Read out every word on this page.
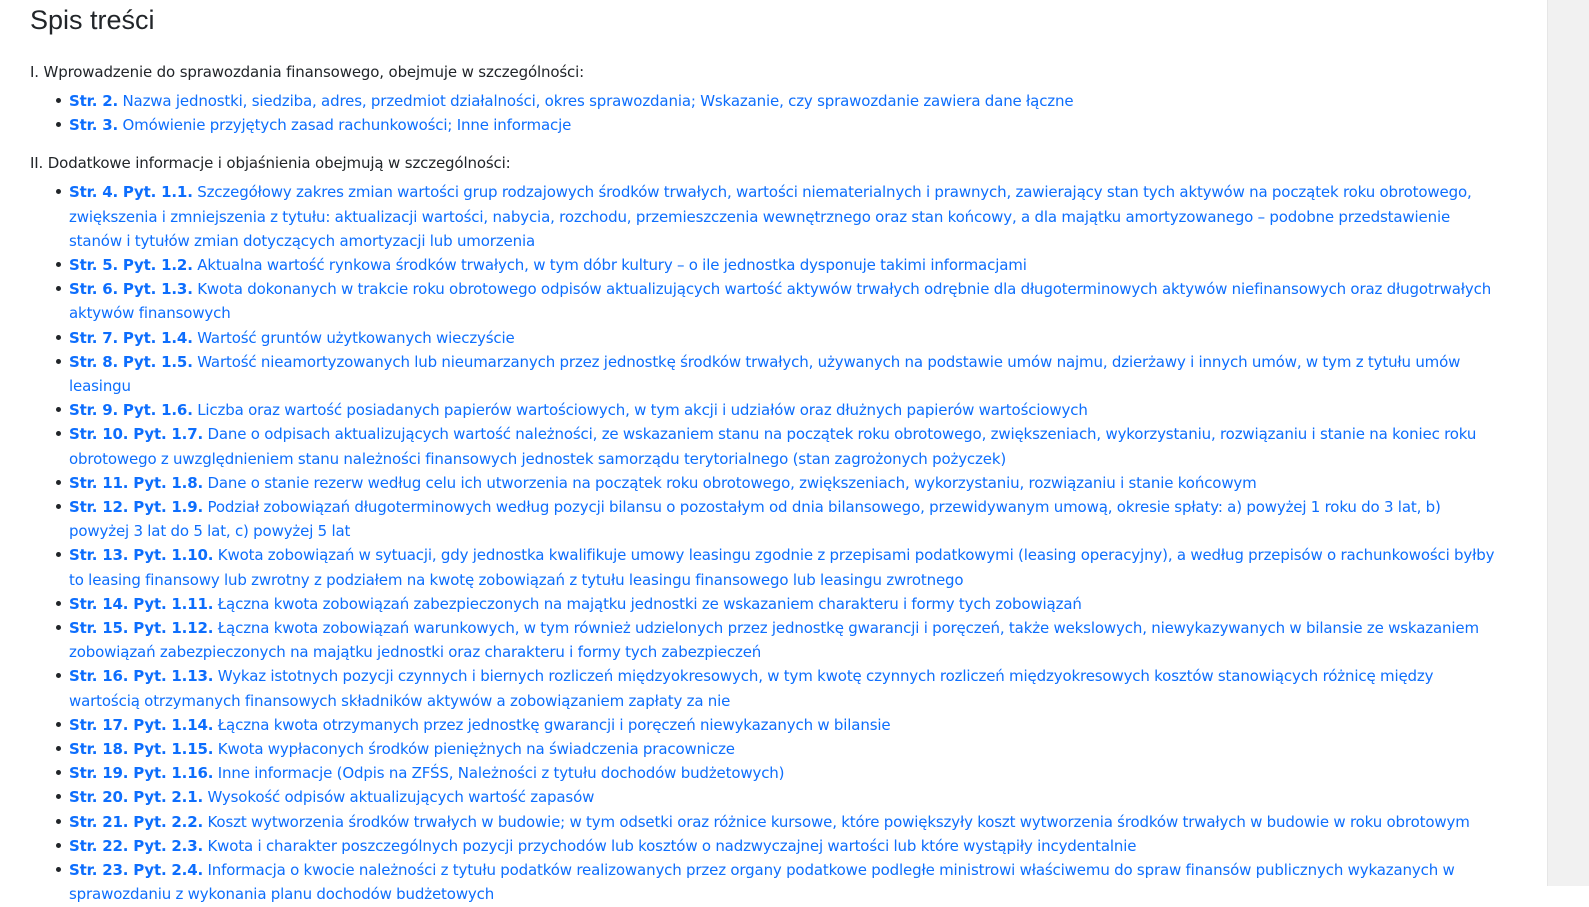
Spis treści
I. Wprowadzenie do sprawozdania finansowego, obejmuje w szczególności:
Str. 2. Nazwa jednostki, siedziba, adres, przedmiot działalności, okres sprawozdania; Wskazanie, czy sprawozdanie zawiera dane łączne
Str. 3. Omówienie przyjętych zasad rachunkowości; Inne informacje
II. Dodatkowe informacje i objaśnienia obejmują w szczególności:
Str. 4. Pyt. 1.1. Szczegółowy zakres zmian wartości grup rodzajowych środków trwałych, wartości niematerialnych i prawnych, zawierający stan tych aktywów na początek roku obrotowego, zwiększenia i zmniejszenia z tytułu: aktualizacji wartości, nabycia, rozchodu, przemieszczenia wewnętrznego oraz stan końcowy, a dla majątku amortyzowanego – podobne przedstawienie stanów i tytułów zmian dotyczących amortyzacji lub umorzenia
Str. 5. Pyt. 1.2. Aktualna wartość rynkowa środków trwałych, w tym dóbr kultury – o ile jednostka dysponuje takimi informacjami
Str. 6. Pyt. 1.3. Kwota dokonanych w trakcie roku obrotowego odpisów aktualizujących wartość aktywów trwałych odrębnie dla długoterminowych aktywów niefinansowych oraz długotrwałych aktywów finansowych
Str. 7. Pyt. 1.4. Wartość gruntów użytkowanych wieczyście
Str. 8. Pyt. 1.5. Wartość nieamortyzowanych lub nieumarzanych przez jednostkę środków trwałych, używanych na podstawie umów najmu, dzierżawy i innych umów, w tym z tytułu umów leasingu
Str. 9. Pyt. 1.6. Liczba oraz wartość posiadanych papierów wartościowych, w tym akcji i udziałów oraz dłużnych papierów wartościowych
Str. 10. Pyt. 1.7. Dane o odpisach aktualizujących wartość należności, ze wskazaniem stanu na początek roku obrotowego, zwiększeniach, wykorzystaniu, rozwiązaniu i stanie na koniec roku obrotowego z uwzględnieniem stanu należności finansowych jednostek samorządu terytorialnego (stan zagrożonych pożyczek)
Str. 11. Pyt. 1.8. Dane o stanie rezerw według celu ich utworzenia na początek roku obrotowego, zwiększeniach, wykorzystaniu, rozwiązaniu i stanie końcowym
Str. 12. Pyt. 1.9. Podział zobowiązań długoterminowych według pozycji bilansu o pozostałym od dnia bilansowego, przewidywanym umową, okresie spłaty: a) powyżej 1 roku do 3 lat, b) powyżej 3 lat do 5 lat, c) powyżej 5 lat
Str. 13. Pyt. 1.10. Kwota zobowiązań w sytuacji, gdy jednostka kwalifikuje umowy leasingu zgodnie z przepisami podatkowymi (leasing operacyjny), a według przepisów o rachunkowości byłby to leasing finansowy lub zwrotny z podziałem na kwotę zobowiązań z tytułu leasingu finansowego lub leasingu zwrotnego
Str. 14. Pyt. 1.11. Łączna kwota zobowiązań zabezpieczonych na majątku jednostki ze wskazaniem charakteru i formy tych zobowiązań
Str. 15. Pyt. 1.12. Łączna kwota zobowiązań warunkowych, w tym również udzielonych przez jednostkę gwarancji i poręczeń, także wekslowych, niewykazywanych w bilansie ze wskazaniem zobowiązań zabezpieczonych na majątku jednostki oraz charakteru i formy tych zabezpieczeń
Str. 16. Pyt. 1.13. Wykaz istotnych pozycji czynnych i biernych rozliczeń międzyokresowych, w tym kwotę czynnych rozliczeń międzyokresowych kosztów stanowiących różnicę między wartością otrzymanych finansowych składników aktywów a zobowiązaniem zapłaty za nie
Str. 17. Pyt. 1.14. Łączna kwota otrzymanych przez jednostkę gwarancji i poręczeń niewykazanych w bilansie
Str. 18. Pyt. 1.15. Kwota wypłaconych środków pieniężnych na świadczenia pracownicze
Str. 19. Pyt. 1.16. Inne informacje (Odpis na ZFŚS, Należności z tytułu dochodów budżetowych)
Str. 20. Pyt. 2.1. Wysokość odpisów aktualizujących wartość zapasów
Str. 21. Pyt. 2.2. Koszt wytworzenia środków trwałych w budowie; w tym odsetki oraz różnice kursowe, które powiększyły koszt wytworzenia środków trwałych w budowie w roku obrotowym
Str. 22. Pyt. 2.3. Kwota i charakter poszczególnych pozycji przychodów lub kosztów o nadzwyczajnej wartości lub które wystąpiły incydentalnie
Str. 23. Pyt. 2.4. Informacja o kwocie należności z tytułu podatków realizowanych przez organy podatkowe podległe ministrowi właściwemu do spraw finansów publicznych wykazanych w sprawozdaniu z wykonania planu dochodów budżetowych
